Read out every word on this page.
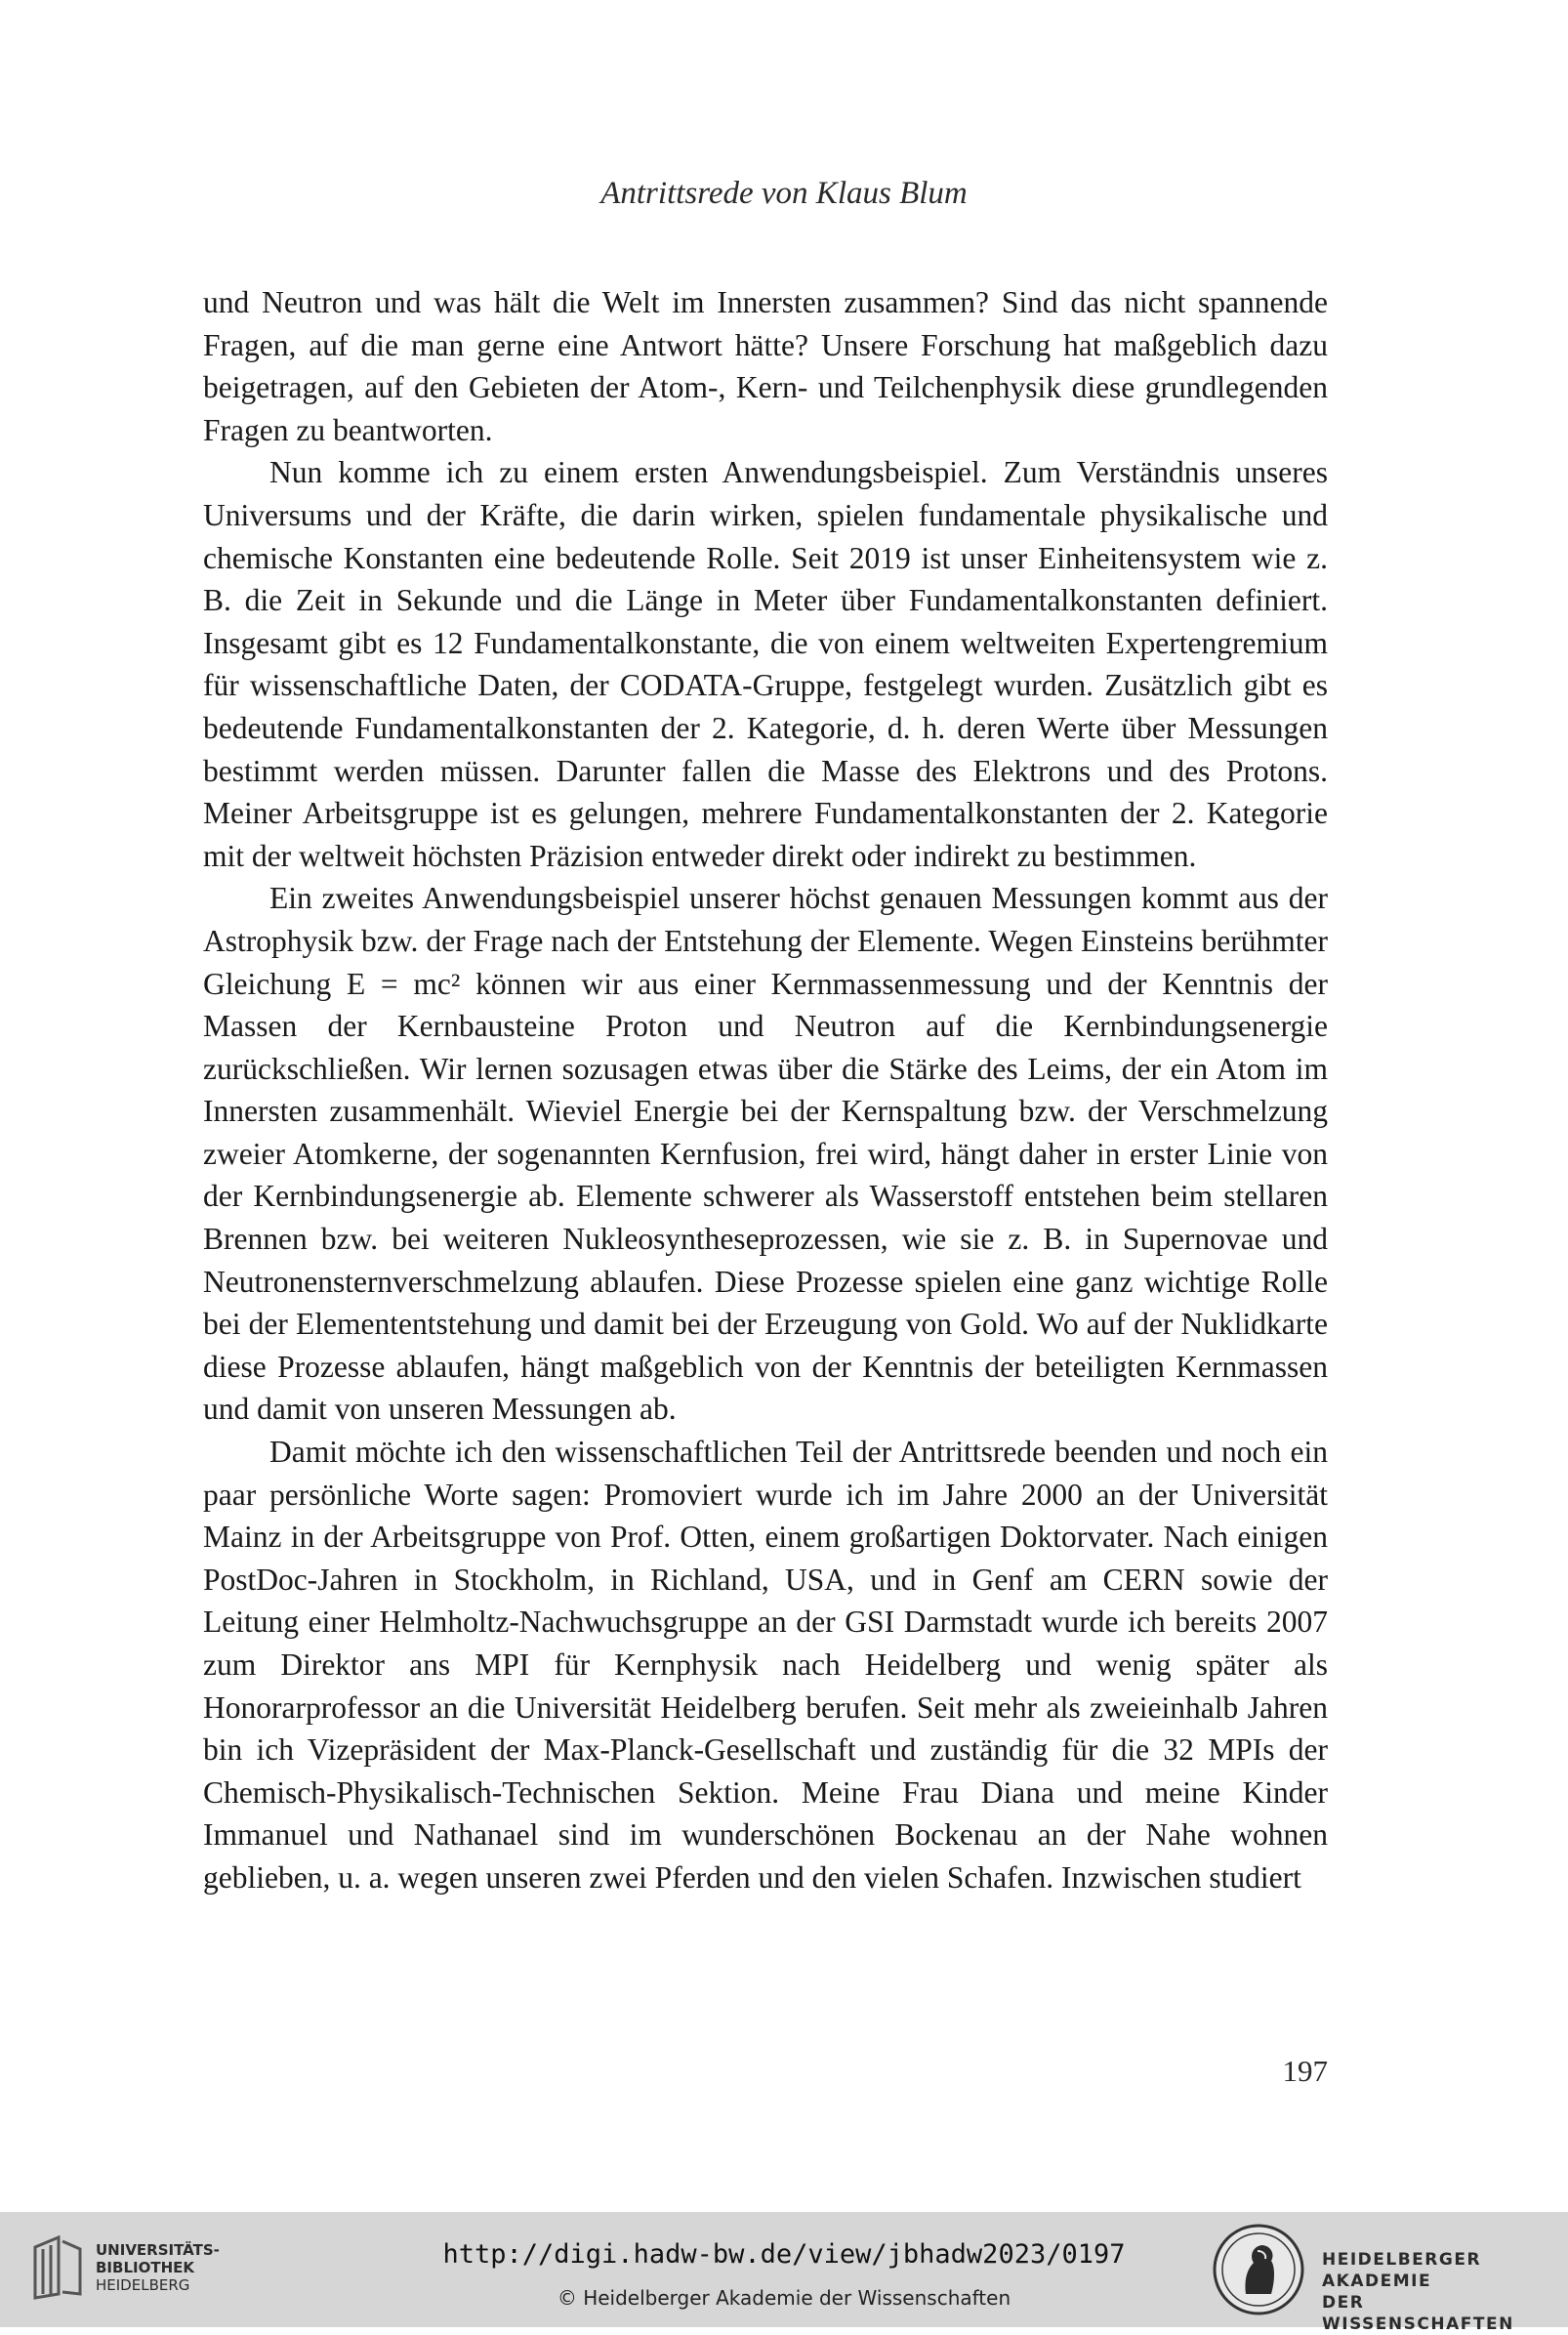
Antrittsrede von Klaus Blum

und Neutron und was hält die Welt im Innersten zusammen? Sind das nicht spannende Fragen, auf die man gerne eine Antwort hätte? Unsere Forschung hat maßgeblich dazu beigetragen, auf den Gebieten der Atom-, Kern- und Teilchenphysik diese grundlegenden Fragen zu beantworten.

Nun komme ich zu einem ersten Anwendungsbeispiel. Zum Verständnis unseres Universums und der Kräfte, die darin wirken, spielen fundamentale physikalische und chemische Konstanten eine bedeutende Rolle. Seit 2019 ist unser Einheitensystem wie z. B. die Zeit in Sekunde und die Länge in Meter über Fundamentalkonstanten definiert. Insgesamt gibt es 12 Fundamentalkonstante, die von einem weltweiten Expertengremium für wissenschaftliche Daten, der CODATA-Gruppe, festgelegt wurden. Zusätzlich gibt es bedeutende Fundamentalkonstanten der 2. Kategorie, d. h. deren Werte über Messungen bestimmt werden müssen. Darunter fallen die Masse des Elektrons und des Protons. Meiner Arbeitsgruppe ist es gelungen, mehrere Fundamentalkonstanten der 2. Kategorie mit der weltweit höchsten Präzision entweder direkt oder indirekt zu bestimmen.

Ein zweites Anwendungsbeispiel unserer höchst genauen Messungen kommt aus der Astrophysik bzw. der Frage nach der Entstehung der Elemente. Wegen Einsteins berühmter Gleichung E = mc² können wir aus einer Kernmassenmessung und der Kenntnis der Massen der Kernbausteine Proton und Neutron auf die Kernbindungsenergie zurückschließen. Wir lernen sozusagen etwas über die Stärke des Leims, der ein Atom im Innersten zusammenhält. Wieviel Energie bei der Kernspaltung bzw. der Verschmelzung zweier Atomkerne, der sogenannten Kernfusion, frei wird, hängt daher in erster Linie von der Kernbindungsenergie ab. Elemente schwerer als Wasserstoff entstehen beim stellaren Brennen bzw. bei weiteren Nukleosyntheseprozessen, wie sie z. B. in Supernovae und Neutronensternverschmelzung ablaufen. Diese Prozesse spielen eine ganz wichtige Rolle bei der Elemententstehung und damit bei der Erzeugung von Gold. Wo auf der Nuklidkarte diese Prozesse ablaufen, hängt maßgeblich von der Kenntnis der beteiligten Kernmassen und damit von unseren Messungen ab.

Damit möchte ich den wissenschaftlichen Teil der Antrittsrede beenden und noch ein paar persönliche Worte sagen: Promoviert wurde ich im Jahre 2000 an der Universität Mainz in der Arbeitsgruppe von Prof. Otten, einem großartigen Doktorvater. Nach einigen PostDoc-Jahren in Stockholm, in Richland, USA, und in Genf am CERN sowie der Leitung einer Helmholtz-Nachwuchsgruppe an der GSI Darmstadt wurde ich bereits 2007 zum Direktor ans MPI für Kernphysik nach Heidelberg und wenig später als Honorarprofessor an die Universität Heidelberg berufen. Seit mehr als zweieinhalb Jahren bin ich Vizepräsident der Max-Planck-Gesellschaft und zuständig für die 32 MPIs der Chemisch-Physikalisch-Technischen Sektion. Meine Frau Diana und meine Kinder Immanuel und Nathanael sind im wunderschönen Bockenau an der Nahe wohnen geblieben, u. a. wegen unseren zwei Pferden und den vielen Schafen. Inzwischen studiert

197
UNIVERSITÄTS-
BIBLIOTHEK
HEIDELBERG
http://digi.hadw-bw.de/view/jbhadw2023/0197
© Heidelberger Akademie der Wissenschaften
HEIDELBERGER AKADEMIE
DER WISSENSCHAFTEN
